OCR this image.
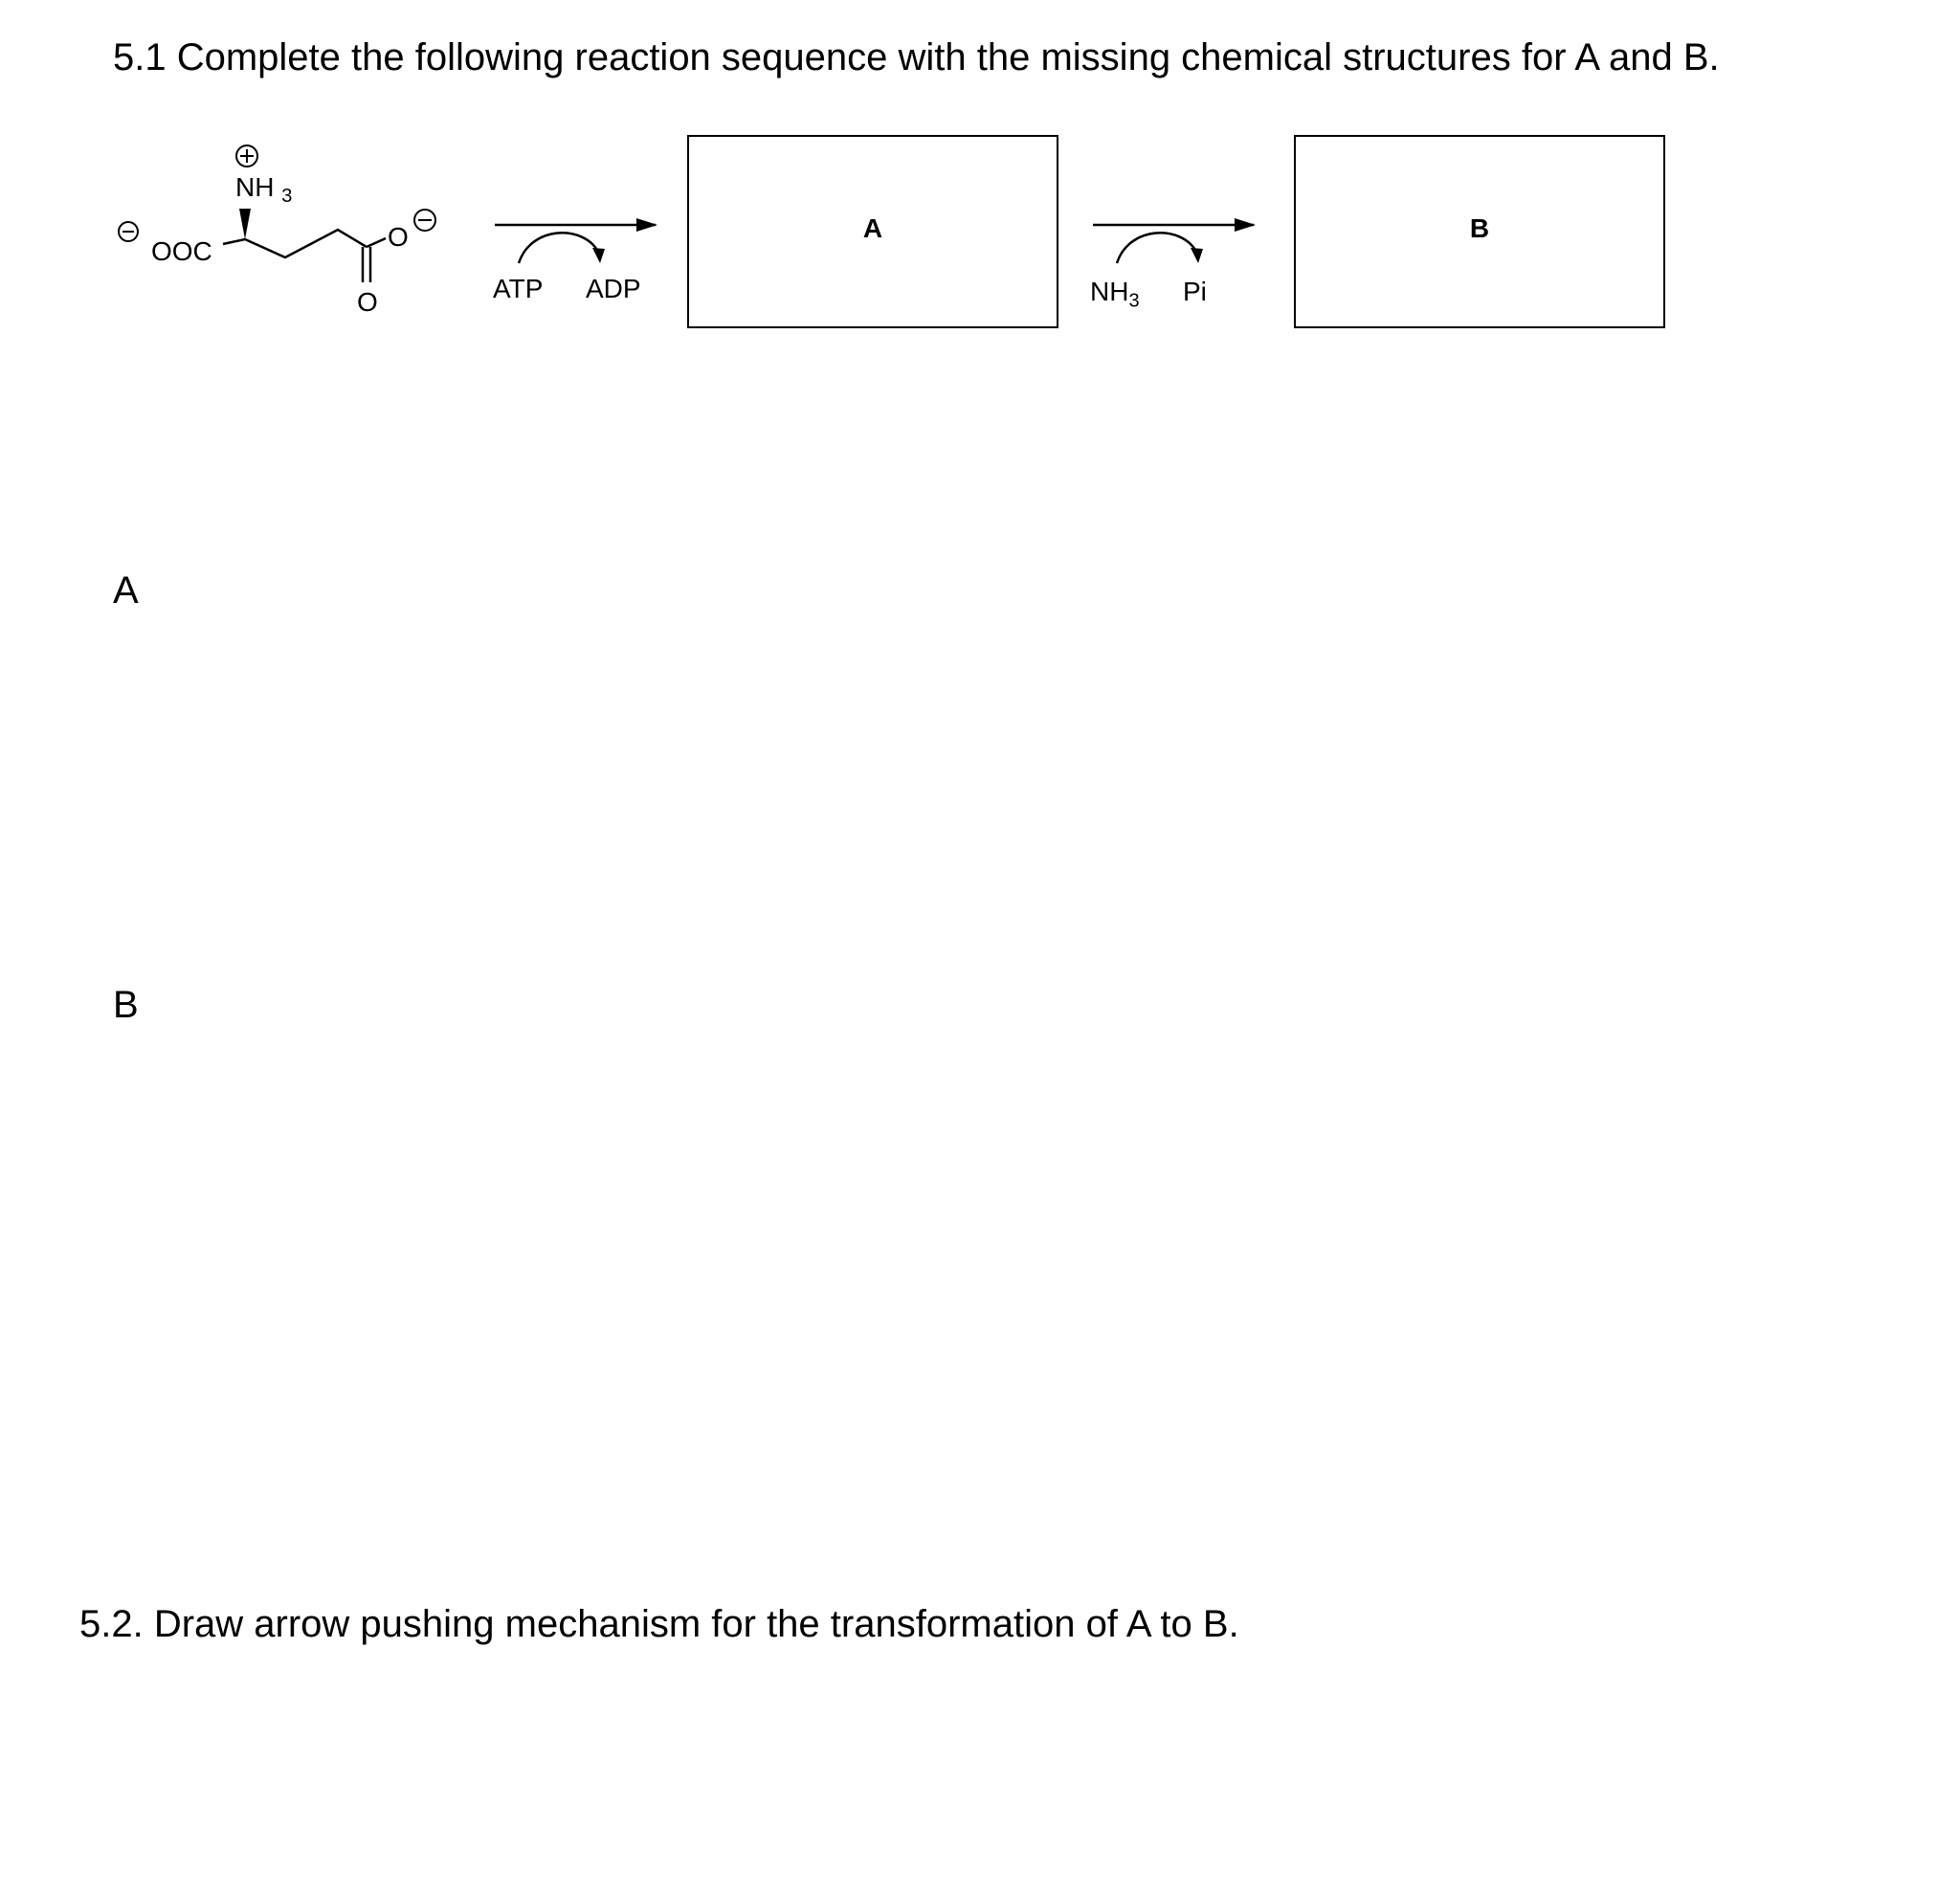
5.1 Complete the following reaction sequence with the missing chemical structures for A and B.
NH $_3$
OOC	O
O	ATP ADP
A
$NH_3$ Pi
B
A
B
5.2. Draw arrow pushing mechanism for the transformation of A to B.
